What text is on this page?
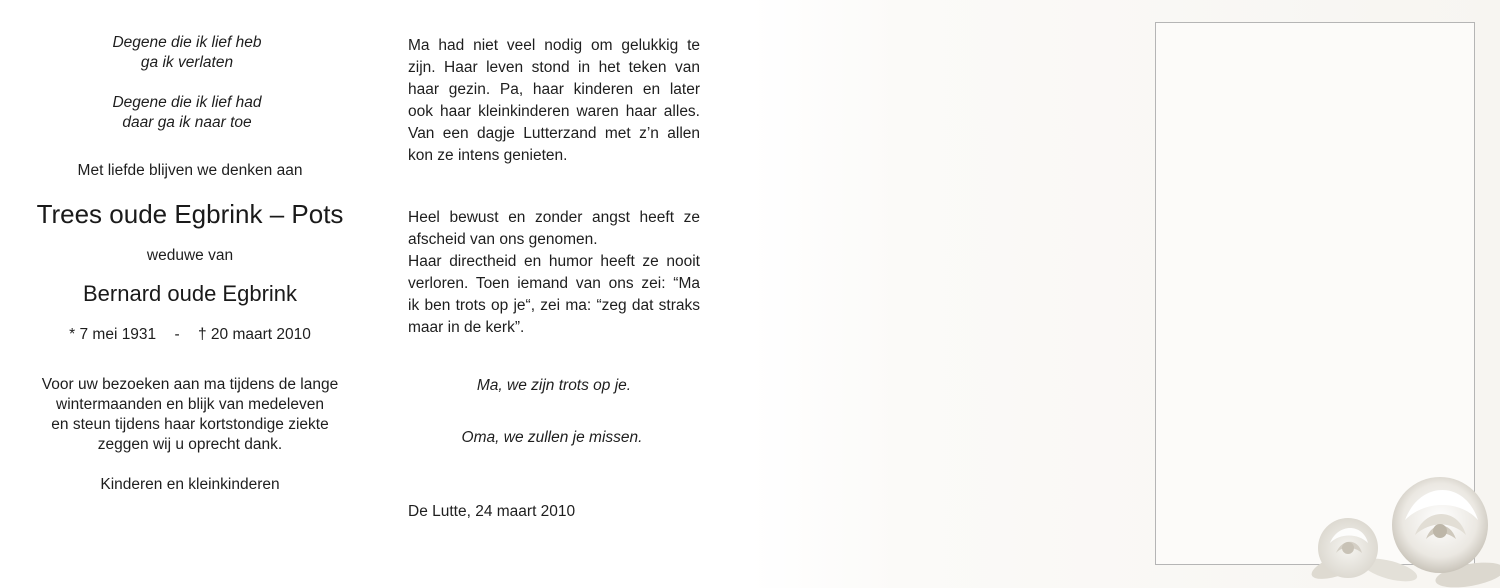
Degene die ik lief heb
ga ik verlaten
Degene die ik lief had
daar ga ik naar toe
Met liefde blijven we denken aan
Trees oude Egbrink – Pots
weduwe van
Bernard oude Egbrink
* 7 mei 1931 - † 20 maart 2010
Voor uw bezoeken aan ma tijdens de lange
wintermaanden en blijk van medeleven
en steun tijdens haar kortstondige ziekte
zeggen wij u oprecht dank.
Kinderen en kleinkinderen
Ma had niet veel nodig om gelukkig te
zijn. Haar leven stond in het teken van
haar gezin. Pa, haar kinderen en later
ook haar kleinkinderen waren haar alles.
Van een dagje Lutterzand met z’n allen
kon ze intens genieten.
Heel bewust en zonder angst heeft ze
afscheid van ons genomen.
Haar directheid en humor heeft ze nooit
verloren. Toen iemand van ons zei: “Ma
ik ben trots op je“, zei ma: “zeg dat straks
maar in de kerk”.
Ma, we zijn trots op je.
Oma, we zullen je missen.
De Lutte, 24 maart 2010
